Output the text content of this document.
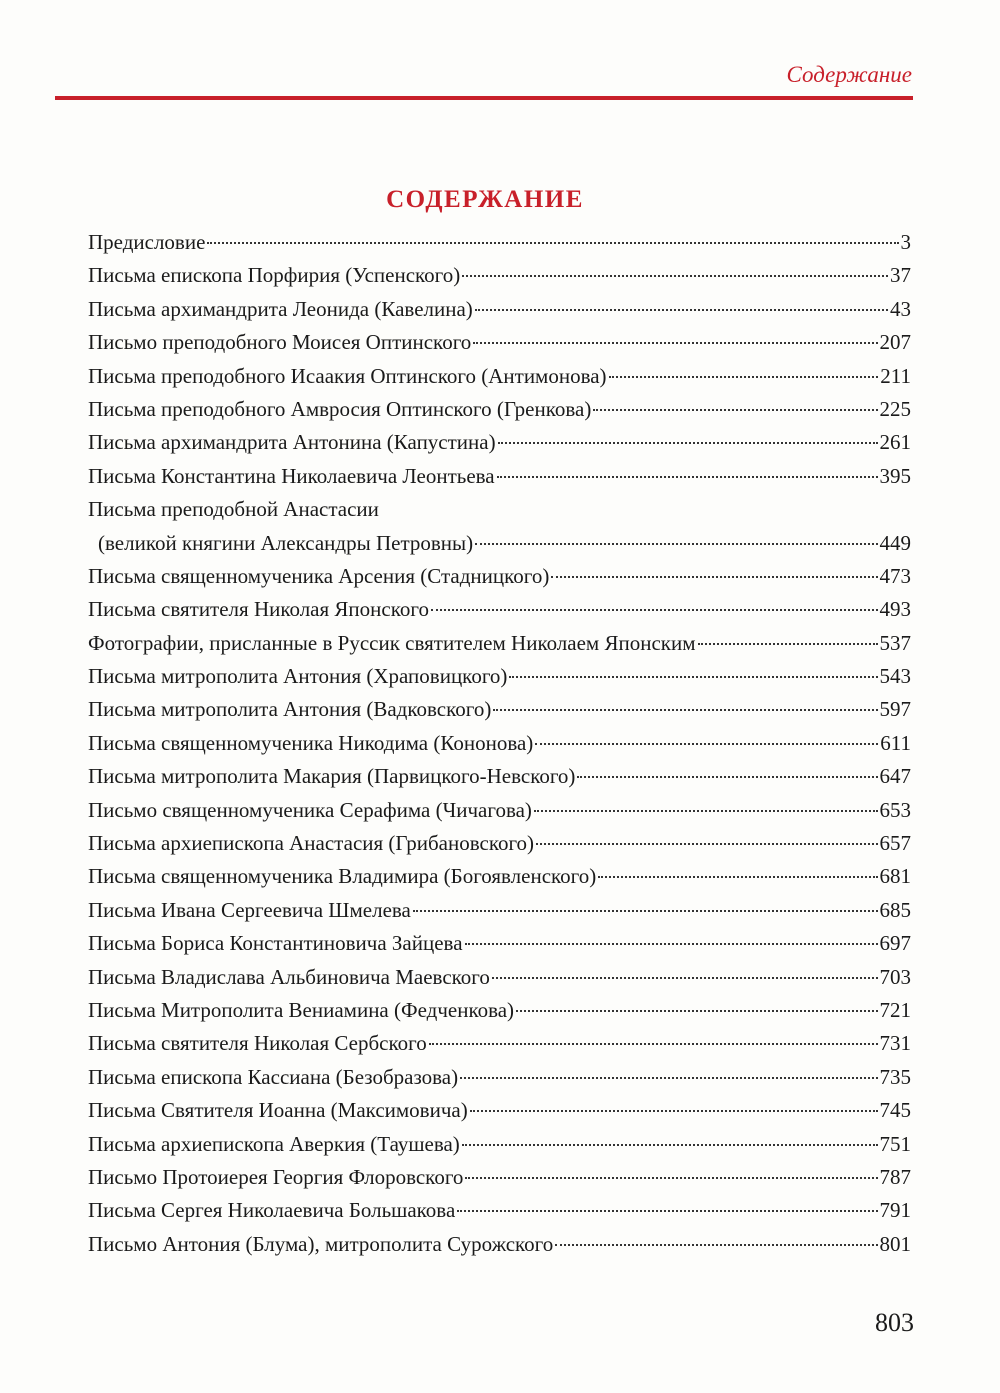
Содержание
СОДЕРЖАНИЕ
Предисловие	3
Письма епископа Порфирия (Успенского)	37
Письма архимандрита Леонида (Кавелина)	43
Письмо преподобного Моисея Оптинского	207
Письма преподобного Исаакия Оптинского (Антимонова)	211
Письма преподобного Амвросия Оптинского (Гренкова)	225
Письма архимандрита Антонина (Капустина)	261
Письма Константина Николаевича Леонтьева	395
Письма преподобной Анастасии
(великой княгини Александры Петровны)	449
Письма священномученика Арсения (Стадницкого)	473
Письма святителя Николая Японского	493
Фотографии, присланные в Руссик святителем Николаем Японским	537
Письма митрополита Антония (Храповицкого)	543
Письма митрополита Антония (Вадковского)	597
Письма священномученика Никодима (Кононова)	611
Письма митрополита Макария (Парвицкого-Невского)	647
Письмо священномученика Серафима (Чичагова)	653
Письма архиепископа Анастасия (Грибановского)	657
Письма священномученика Владимира (Богоявленского)	681
Письма Ивана Сергеевича Шмелева	685
Письма Бориса Константиновича Зайцева	697
Письма Владислава Альбиновича Маевского	703
Письма Митрополита Вениамина (Федченкова)	721
Письма святителя Николая Сербского	731
Письма епископа Кассиана (Безобразова)	735
Письма Святителя Иоанна (Максимовича)	745
Письма архиепископа Аверкия (Таушева)	751
Письмо Протоиерея Георгия Флоровского	787
Письма Сергея Николаевича Большакова	791
Письмо Антония (Блума), митрополита Сурожского	801
803
